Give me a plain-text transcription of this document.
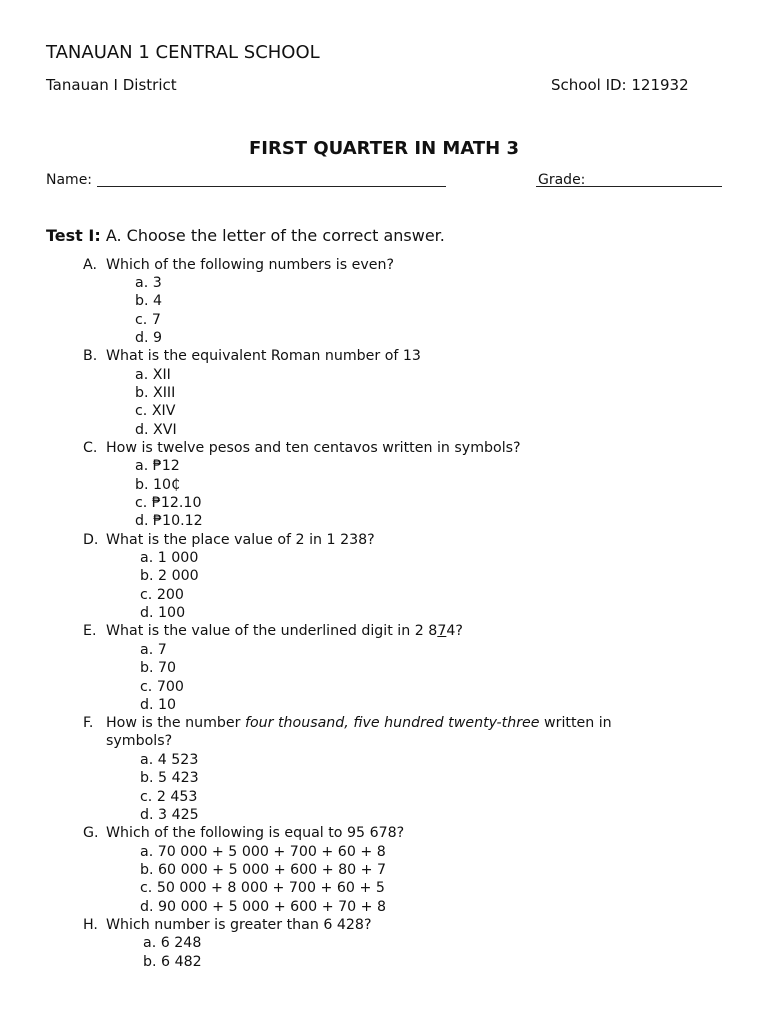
TANAUAN 1 CENTRAL SCHOOL
Tanauan I District	School ID: 121932
FIRST QUARTER IN MATH 3
Name:	Grade:
Test I: A. Choose the letter of the correct answer.
A. Which of the following numbers is even?
a. 3
b. 4
c. 7
d. 9
B. What is the equivalent Roman number of 13
a. XII
b. XIII
c. XIV
d. XVI
C. How is twelve pesos and ten centavos written in symbols?
a. ₱12
b. 10₵
c. ₱12.10
d. ₱10.12
D. What is the place value of 2 in 1 238?
a. 1 000
b. 2 000
c. 200
d. 100
E. What is the value of the underlined digit in 2 874?
a. 7
b. 70
c. 700
d. 10
F. How is the number four thousand, five hundred twenty-three written in
symbols?
a. 4 523
b. 5 423
c. 2 453
d. 3 425
G. Which of the following is equal to 95 678?
a. 70 000 + 5 000 + 700 + 60 + 8
b. 60 000 + 5 000 + 600 + 80 + 7
c. 50 000 + 8 000 + 700 + 60 + 5
d. 90 000 + 5 000 + 600 + 70 + 8
H. Which number is greater than 6 428?
a. 6 248
b. 6 482
